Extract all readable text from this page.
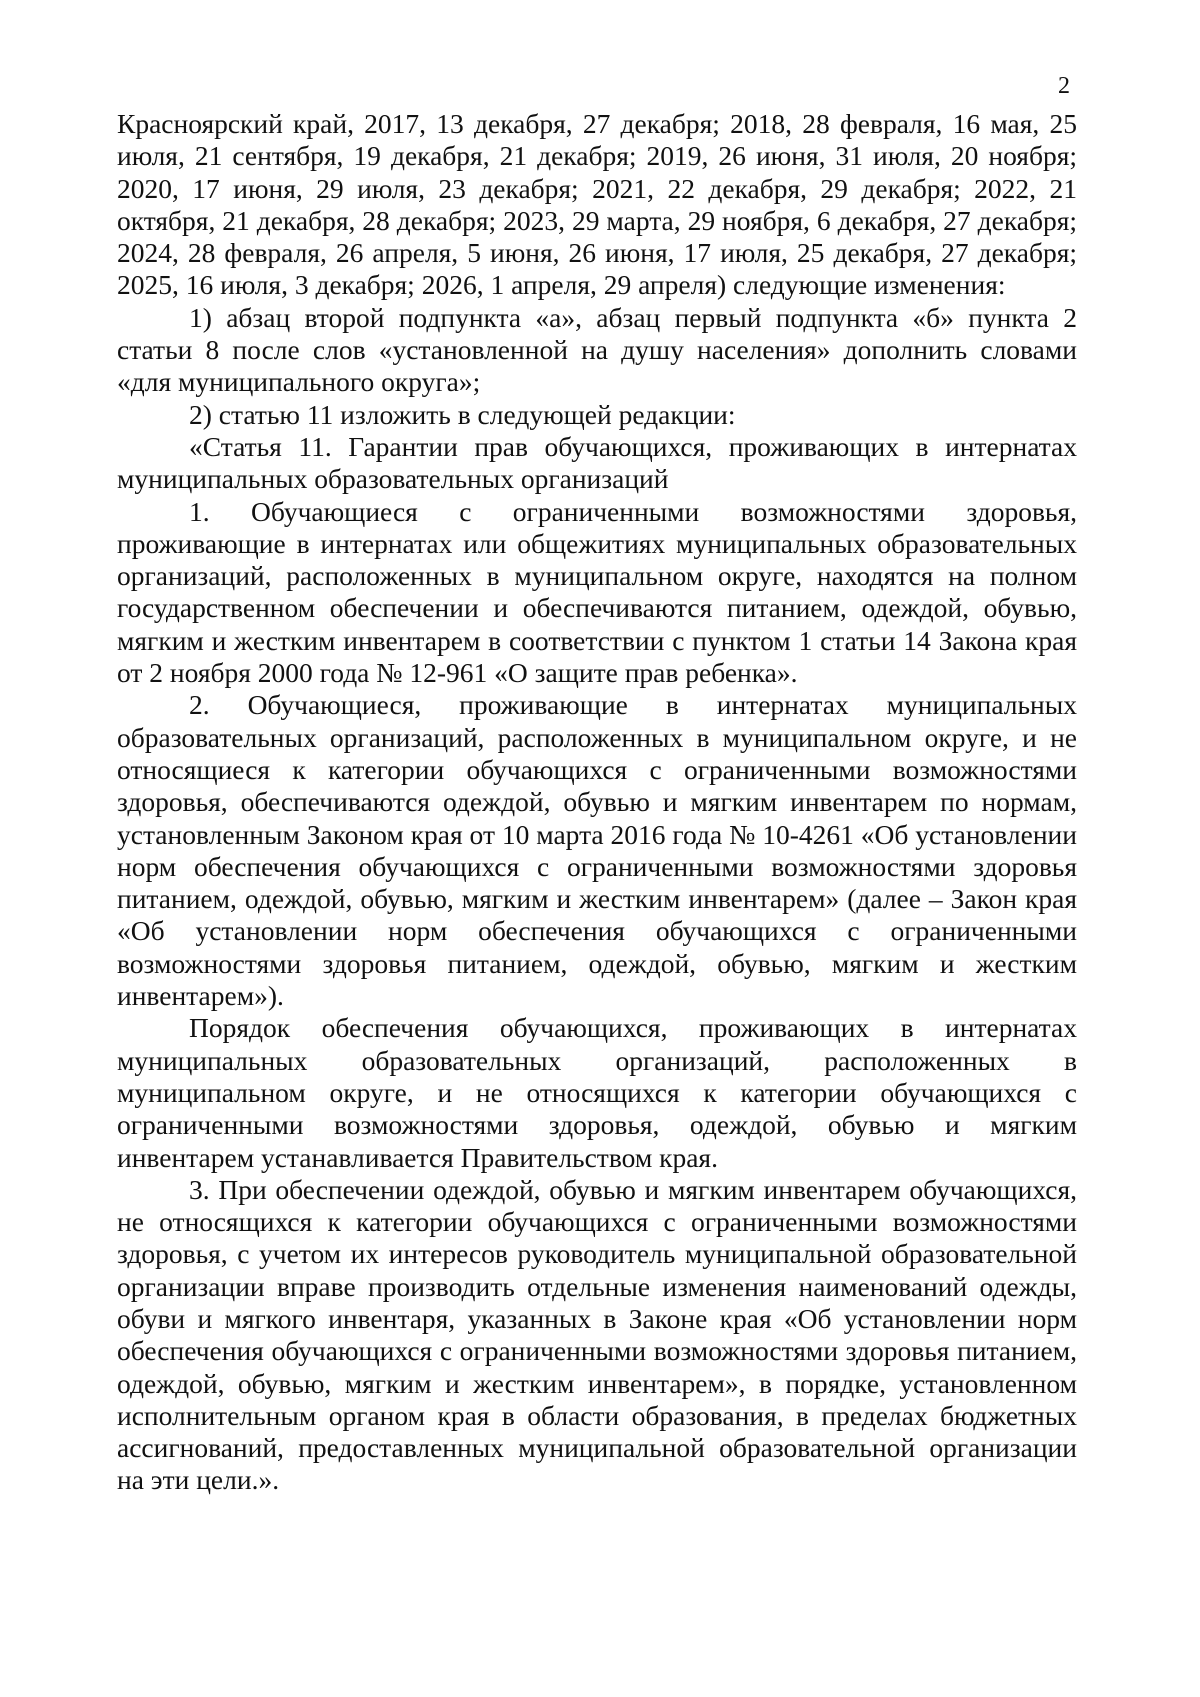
2

Красноярский край, 2017, 13 декабря, 27 декабря; 2018, 28 февраля, 16 мая, 25 июля, 21 сентября, 19 декабря, 21 декабря; 2019, 26 июня, 31 июля, 20 ноября; 2020, 17 июня, 29 июля, 23 декабря; 2021, 22 декабря, 29 декабря; 2022, 21 октября, 21 декабря, 28 декабря; 2023, 29 марта, 29 ноября, 6 декабря, 27 декабря; 2024, 28 февраля, 26 апреля, 5 июня, 26 июня, 17 июля, 25 декабря, 27 декабря; 2025, 16 июля, 3 декабря; 2026, 1 апреля, 29 апреля) следующие изменения:

1) абзац второй подпункта «а», абзац первый подпункта «б» пункта 2 статьи 8 после слов «установленной на душу населения» дополнить словами «для муниципального округа»;

2) статью 11 изложить в следующей редакции:

«Статья 11. Гарантии прав обучающихся, проживающих в интернатах муниципальных образовательных организаций

1. Обучающиеся с ограниченными возможностями здоровья, проживающие в интернатах или общежитиях муниципальных образовательных организаций, расположенных в муниципальном округе, находятся на полном государственном обеспечении и обеспечиваются питанием, одеждой, обувью, мягким и жестким инвентарем в соответствии с пунктом 1 статьи 14 Закона края от 2 ноября 2000 года № 12-961 «О защите прав ребенка».

2. Обучающиеся, проживающие в интернатах муниципальных образовательных организаций, расположенных в муниципальном округе, и не относящиеся к категории обучающихся с ограниченными возможностями здоровья, обеспечиваются одеждой, обувью и мягким инвентарем по нормам, установленным Законом края от 10 марта 2016 года № 10-4261 «Об установлении норм обеспечения обучающихся с ограниченными возможностями здоровья питанием, одеждой, обувью, мягким и жестким инвентарем» (далее – Закон края «Об установлении норм обеспечения обучающихся с ограниченными возможностями здоровья питанием, одеждой, обувью, мягким и жестким инвентарем»).

Порядок обеспечения обучающихся, проживающих в интернатах муниципальных образовательных организаций, расположенных в муниципальном округе, и не относящихся к категории обучающихся с ограниченными возможностями здоровья, одеждой, обувью и мягким инвентарем устанавливается Правительством края.

3. При обеспечении одеждой, обувью и мягким инвентарем обучающихся, не относящихся к категории обучающихся с ограниченными возможностями здоровья, с учетом их интересов руководитель муниципальной образовательной организации вправе производить отдельные изменения наименований одежды, обуви и мягкого инвентаря, указанных в Законе края «Об установлении норм обеспечения обучающихся с ограниченными возможностями здоровья питанием, одеждой, обувью, мягким и жестким инвентарем», в порядке, установленном исполнительным органом края в области образования, в пределах бюджетных ассигнований, предоставленных муниципальной образовательной организации на эти цели.».
